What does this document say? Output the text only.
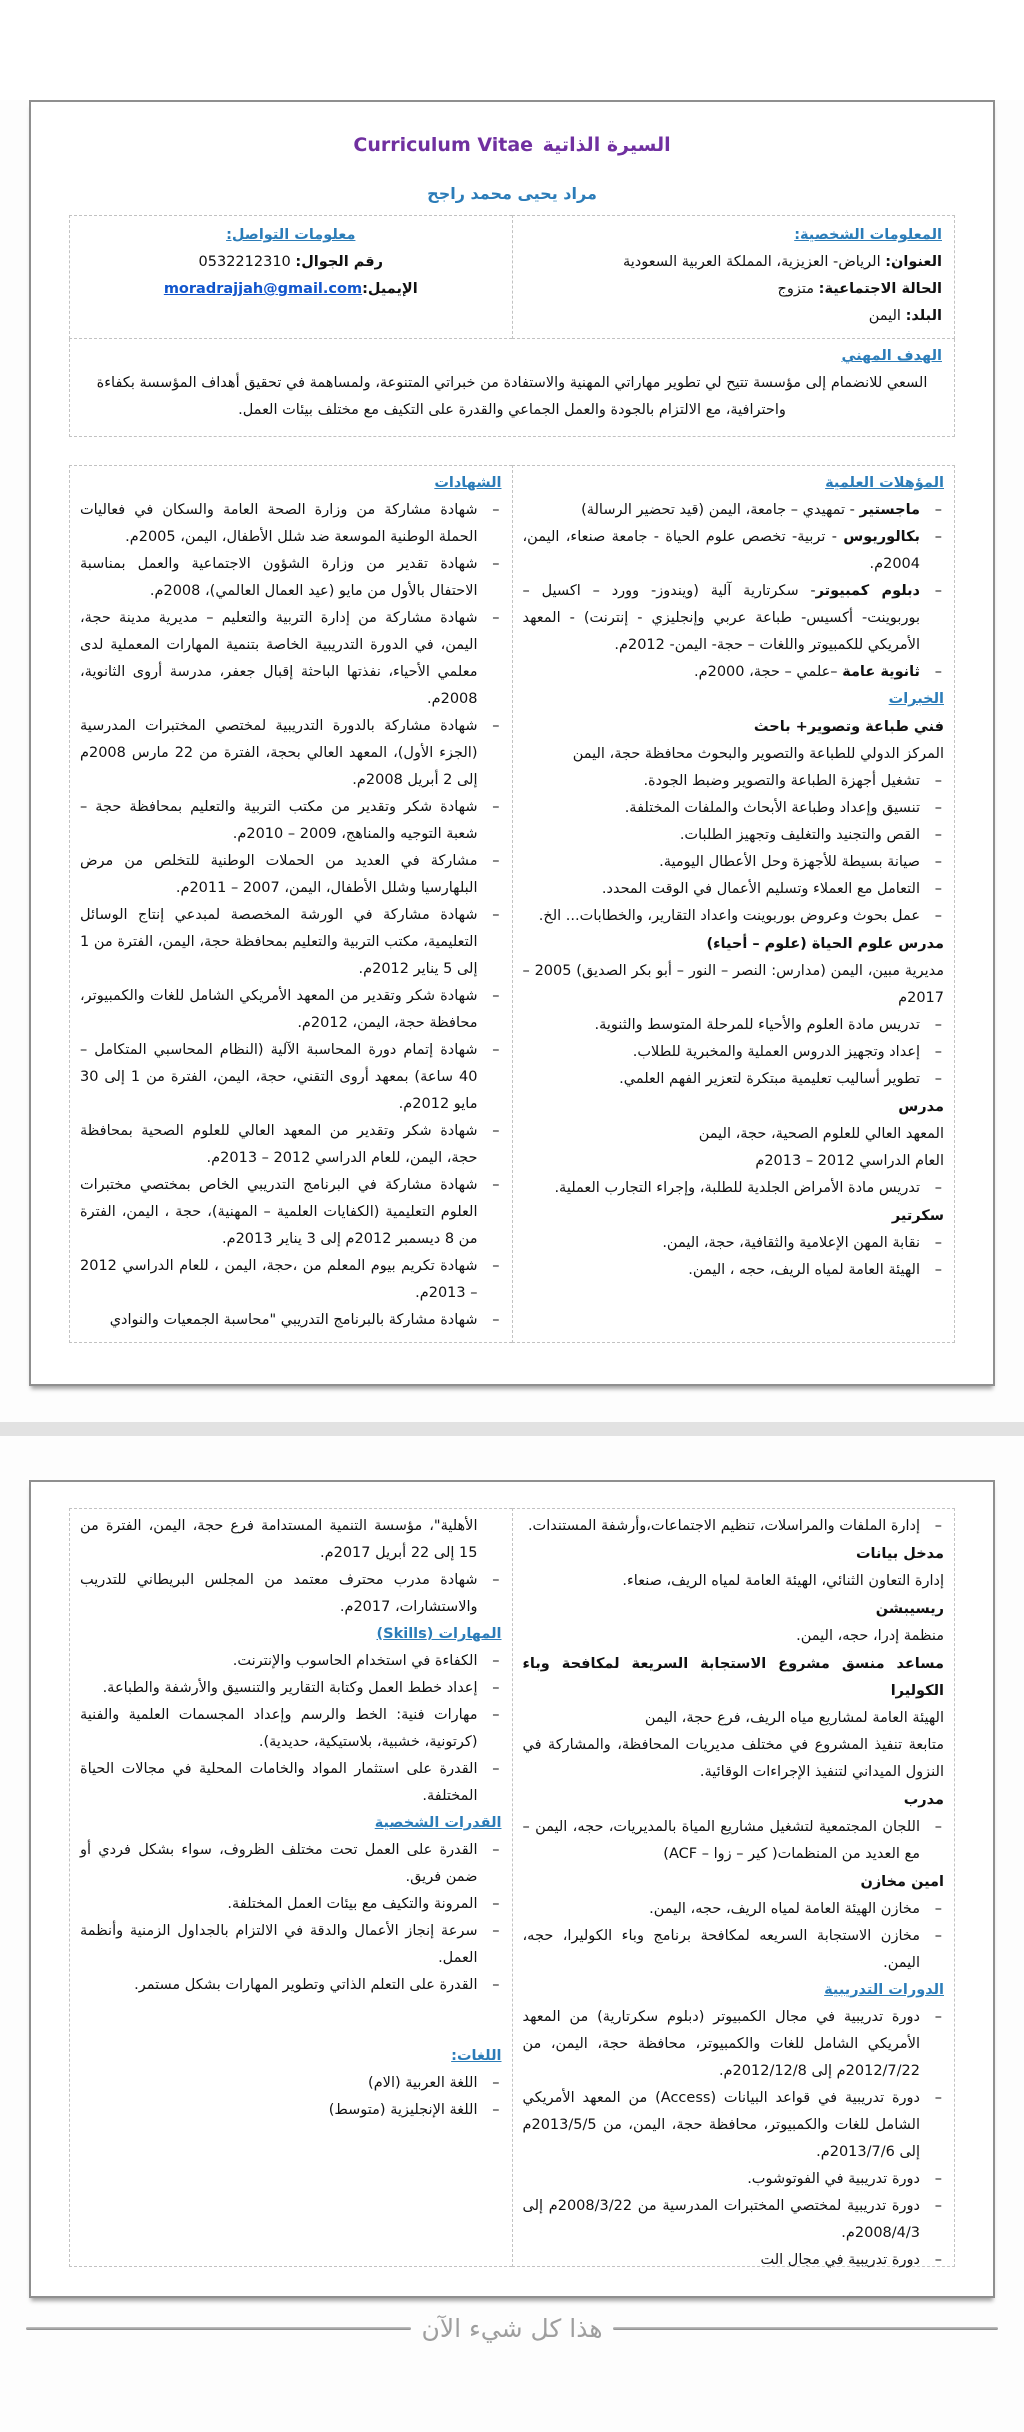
السيرة الذاتية Curriculum Vitae
مراد يحيى محمد راجح
المعلومات الشخصية:
العنوان: الرياض- العزيزية، المملكة العربية السعودية
الحالة الاجتماعية: متزوج
البلد: اليمن

معلومات التواصل:
رقم الجوال: 0532212310
الإيميل:moradrajjah@gmail.com
الهدف المهني

السعي للانضمام إلى مؤسسة تتيح لي تطوير مهاراتي المهنية والاستفادة من خبراتي المتنوعة، ولمساهمة في تحقيق أهداف المؤسسة بكفاءة واحترافية، مع الالتزام بالجودة والعمل الجماعي والقدرة على التكيف مع مختلف بيئات العمل.

المؤهلات العلمية
– ماجستير - تمهيدي – جامعة، اليمن (قيد تحضير الرسالة)
– بكالوريوس - تربية- تخصص علوم الحياة - جامعة صنعاء، اليمن، 2004م.
– دبلوم كمبيوتر- سكرتارية آلية (ويندوز- وورد – اكسيل – بوربوينت- أكسيس- طباعة عربي وإنجليزي - إنترنت) - المعهد الأمريكي للكمبيوتر واللغات – حجة- اليمن- 2012م.
– ثانوية عامة –علمي – حجة، 2000م.
الخبرات
فني طباعة وتصوير+ باحث
المركز الدولي للطباعة والتصوير والبحوث محافظة حجة، اليمن
– تشغيل أجهزة الطباعة والتصوير وضبط الجودة.
– تنسيق وإعداد وطباعة الأبحاث والملفات المختلفة.
– القص والتجنيد والتغليف وتجهيز الطلبات.
– صيانة بسيطة للأجهزة وحل الأعطال اليومية.
– التعامل مع العملاء وتسليم الأعمال في الوقت المحدد.
– عمل بحوث وعروض بوربوينت واعداد التقارير، والخطابات... الخ.
مدرس علوم الحياة (علوم – أحياء)
مديرية مبين، اليمن (مدارس: النصر – النور – أبو بكر الصديق) 2005 – 2017م
– تدريس مادة العلوم والأحياء للمرحلة المتوسط والثنوية.
– إعداد وتجهيز الدروس العملية والمخبرية للطلاب.
– تطوير أساليب تعليمية مبتكرة لتعزير الفهم العلمي.
مدرس
المعهد العالي للعلوم الصحية، حجة، اليمن
العام الدراسي 2012 – 2013م
– تدريس مادة الأمراض الجلدية للطلبة، وإجراء التجارب العملية.
سكرتير
– نقابة المهن الإعلامية والثقافية، حجة، اليمن.
– الهيئة العامة لمياه الريف، حجه ، اليمن.
	الشهادات
– شهادة مشاركة من وزارة الصحة العامة والسكان في فعاليات الحملة الوطنية الموسعة ضد شلل الأطفال، اليمن، 2005م.
– شهادة تقدير من وزارة الشؤون الاجتماعية والعمل بمناسبة الاحتفال بالأول من مايو (عيد العمال العالمي)، 2008م.
– شهادة مشاركة من إدارة التربية والتعليم – مديرية مدينة حجة، اليمن، في الدورة التدريبية الخاصة بتنمية المهارات المعملية لدى معلمي الأحياء، نفذتها الباحثة إقبال جعفر، مدرسة أروى الثانوية، 2008م.
– شهادة مشاركة بالدورة التدريبية لمختصي المختبرات المدرسية (الجزء الأول)، المعهد العالي بحجة، الفترة من 22 مارس 2008م إلى 2 أبريل 2008م.
– شهادة شكر وتقدير من مكتب التربية والتعليم بمحافظة حجة – شعبة التوجيه والمناهج، 2009 – 2010م.
– مشاركة في العديد من الحملات الوطنية للتخلص من مرض البلهارسيا وشلل الأطفال، اليمن، 2007 – 2011م.
– شهادة مشاركة في الورشة المخصصة لمبدعي إنتاج الوسائل التعليمية، مكتب التربية والتعليم بمحافظة حجة، اليمن، الفترة من 1 إلى 5 يناير 2012م.
– شهادة شكر وتقدير من المعهد الأمريكي الشامل للغات والكمبيوتر، محافظة حجة، اليمن، 2012م.
– شهادة إتمام دورة المحاسبة الآلية (النظام المحاسبي المتكامل – 40 ساعة) بمعهد أروى التقني، حجة، اليمن، الفترة من 1 إلى 30 مايو 2012م.
– شهادة شكر وتقدير من المعهد العالي للعلوم الصحية بمحافظة حجة، اليمن، للعام الدراسي 2012 – 2013م.
– شهادة مشاركة في البرنامج التدريبي الخاص بمختصي مختبرات العلوم التعليمية (الكفايات العلمية – المهنية)، حجة ، اليمن، الفترة من 8 ديسمبر 2012م إلى 3 يناير 2013م.
– شهادة تكريم بيوم المعلم من ،حجة، اليمن ، للعام الدراسي 2012 – 2013م.
– شهادة مشاركة بالبرنامج التدريبي "محاسبة الجمعيات والنوادي
– إدارة الملفات والمراسلات، تنظيم الاجتماعات،وأرشفة المستندات.
مدخل بيانات
إدارة التعاون الثنائي، الهيئة العامة لمياه الريف، صنعاء.
ريسيبشن
منظمة إدرا، حجه، اليمن.
مساعد منسق مشروع الاستجابة السريعة لمكافحة وباء الكوليرا
الهيئة العامة لمشاريع مياه الريف، فرع حجة، اليمن
متابعة تنفيذ المشروع في مختلف مديريات المحافظة، والمشاركة في النزول الميداني لتنفيذ الإجراءات الوقائية.
مدرب
– اللجان المجتمعية لتشغيل مشاريع المياة بالمديريات، حجه، اليمن – مع العديد من المنظمات( كير – زوا – ACF)
امين مخازن
– مخازن الهيئة العامة لمياه الريف، حجه، اليمن.
– مخازن الاستجابة السريعه لمكافحة برنامج وباء الكوليرا، حجه، اليمن.
الدورات التدريبية
– دورة تدريبية في مجال الكمبيوتر (دبلوم سكرتارية) من المعهد الأمريكي الشامل للغات والكمبيوتر، محافظة حجة، اليمن، من 2012/7/22م إلى 2012/12/8م.
– دورة تدريبية في قواعد البيانات (Access) من المعهد الأمريكي الشامل للغات والكمبيوتر، محافظة حجة، اليمن، من 2013/5/5م إلى 2013/7/6م.
– دورة تدريبية في الفوتوشوب.
– دورة تدريبية لمختصي المختبرات المدرسية من 2008/3/22م إلى 2008/4/3م.
– دورة تدريبية في مجال الت

الأهلية"، مؤسسة التنمية المستدامة فرع حجة، اليمن، الفترة من 15 إلى 22 أبريل 2017م.
– شهادة مدرب محترف معتمد من المجلس البريطاني للتدريب والاستشارات، 2017م.
المهارات (Skills)
– الكفاءة في استخدام الحاسوب والإنترنت.
– إعداد خطط العمل وكتابة التقارير والتنسيق والأرشفة والطباعة.
– مهارات فنية: الخط والرسم وإعداد المجسمات العلمية والفنية (كرتونية، خشبية، بلاستيكية، حديدية).
– القدرة على استثمار المواد والخامات المحلية في مجالات الحياة المختلفة.
القدرات الشخصية
– القدرة على العمل تحت مختلف الظروف، سواء بشكل فردي أو ضمن فريق.
– المرونة والتكيف مع بيئات العمل المختلفة.
– سرعة إنجاز الأعمال والدقة في الالتزام بالجداول الزمنية وأنظمة العمل.
– القدرة على التعلم الذاتي وتطوير المهارات بشكل مستمر.
اللغات:
– اللغة العربية (الام)
– اللغة الإنجليزية (متوسط)
هذا كل شيء الآن
